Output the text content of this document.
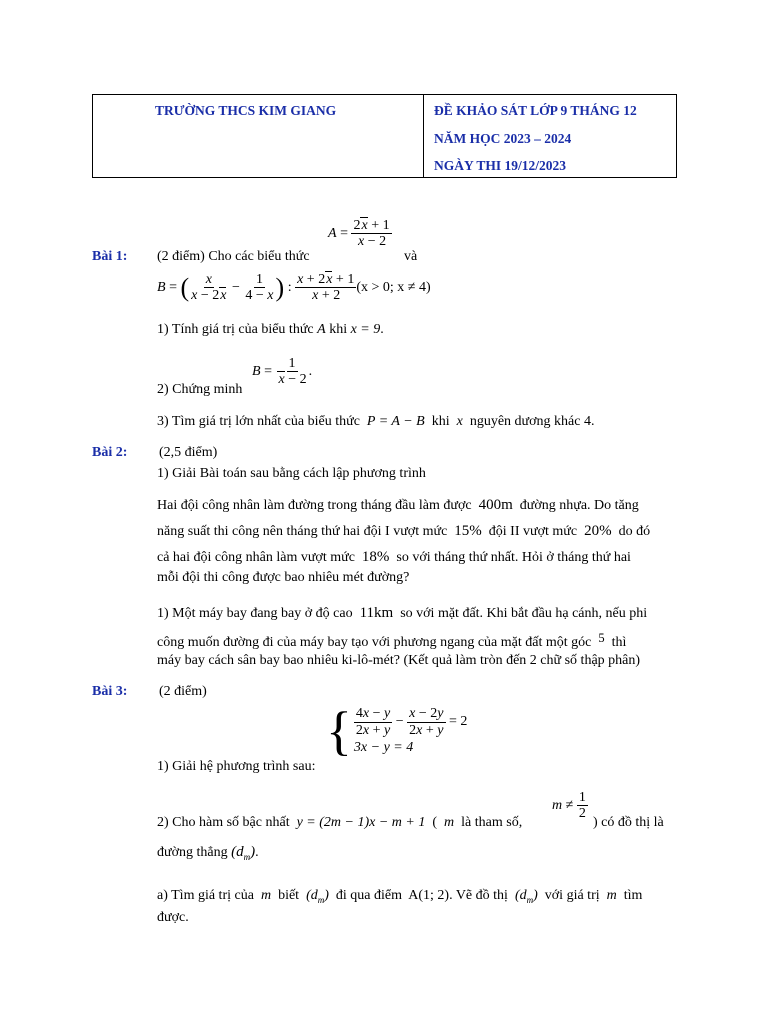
TRƯỜNG THCS KIM GIANG	ĐỀ KHẢO SÁT LỚP 9 THÁNG 12
NĂM HỌC 2023 – 2024
NGÀY THI 19/12/2023
Bài 1: (2 điểm) Cho các biểu thức
$A = \frac{2x + 1}{x - 2}$
và
B = ( $\frac{x}{x - 2x} - \frac{1}{4 - x}$ ) : $\frac{x + 2x + 1}{x + 2} (x > 0$; x ≠ 4)
1) Tính giá trị của biểu thức A khi x = 9.
2) Chứng minh
$B = \frac{1}{x - 2}$ .
3) Tìm giá trị lớn nhất của biểu thức P = A − B khi x nguyên dương khác 4.
Bài 2: (2,5 điểm)
1) Giải Bài toán sau bằng cách lập phương trình
Hai đội công nhân làm đường trong tháng đầu làm được 400m đường nhựa. Do tăng
năng suất thi công nên tháng thứ hai đội I vượt mức 15% đội II vượt mức 20% do đó
cả hai đội công nhân làm vượt mức 18% so với tháng thứ nhất. Hỏi ở tháng thứ hai
mỗi đội thi công được bao nhiêu mét đường?
1) Một máy bay đang bay ở độ cao 11km so với mặt đất. Khi bắt đầu hạ cánh, nếu phi
công muốn đường đi của máy bay tạo với phương ngang của mặt đất một góc 5 thì
máy bay cách sân bay bao nhiêu ki-lô-mét? (Kết quả làm tròn đến 2 chữ số thập phân)
Bài 3: (2 điểm)
1) Giải hệ phương trình sau:
{ $\frac{4x - y}{2x + y} - \frac{x - 2y}{2x + y} = 2$
3x − y = 4
2) Cho hàm số bậc nhất y = (2m − 1)x − m + 1 ( m là tham số,
$m \ne \frac{1}{2}$
) có đồ thị là
đường thẳng $(d_m)$.
a) Tìm giá trị của m biết $(d_m)$ đi qua điểm A(1; 2). Vẽ đồ thị $(d_m)$ với giá trị m tìm
được.
